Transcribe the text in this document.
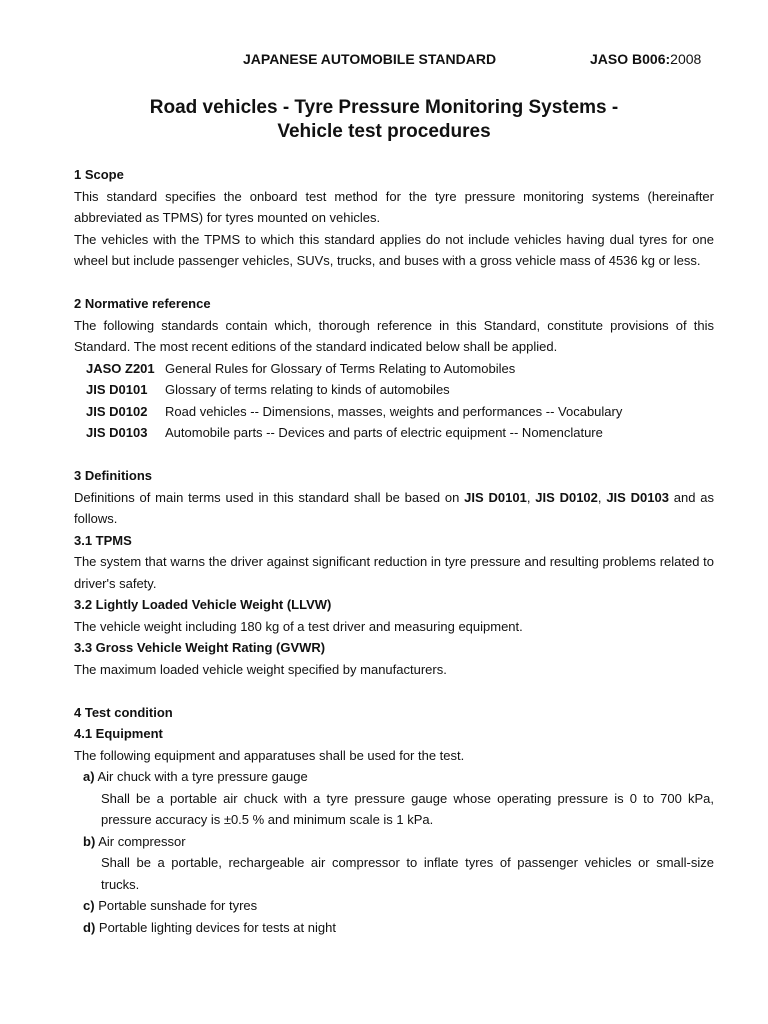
JAPANESE AUTOMOBILE STANDARD	JASO B006:2008
Road vehicles - Tyre Pressure Monitoring Systems -
Vehicle test procedures
1 Scope
This standard specifies the onboard test method for the tyre pressure monitoring systems (hereinafter abbreviated as TPMS) for tyres mounted on vehicles.
The vehicles with the TPMS to which this standard applies do not include vehicles having dual tyres for one wheel but include passenger vehicles, SUVs, trucks, and buses with a gross vehicle mass of 4536 kg or less.
2 Normative reference
The following standards contain which, thorough reference in this Standard, constitute provisions of this Standard. The most recent editions of the standard indicated below shall be applied.
JASO Z201 General Rules for Glossary of Terms Relating to Automobiles
JIS D0101	Glossary of terms relating to kinds of automobiles
JIS D0102	Road vehicles -- Dimensions, masses, weights and performances -- Vocabulary
JIS D0103	Automobile parts -- Devices and parts of electric equipment -- Nomenclature
3 Definitions
Definitions of main terms used in this standard shall be based on JIS D0101, JIS D0102, JIS D0103 and as follows.
3.1 TPMS
The system that warns the driver against significant reduction in tyre pressure and resulting problems related to driver's safety.
3.2 Lightly Loaded Vehicle Weight (LLVW)
The vehicle weight including 180 kg of a test driver and measuring equipment.
3.3 Gross Vehicle Weight Rating (GVWR)
The maximum loaded vehicle weight specified by manufacturers.
4 Test condition
4.1 Equipment
The following equipment and apparatuses shall be used for the test.
a) Air chuck with a tyre pressure gauge
Shall be a portable air chuck with a tyre pressure gauge whose operating pressure is 0 to 700 kPa, pressure accuracy is ±0.5 % and minimum scale is 1 kPa.
b) Air compressor
Shall be a portable, rechargeable air compressor to inflate tyres of passenger vehicles or small-size trucks.
c) Portable sunshade for tyres
d) Portable lighting devices for tests at night
